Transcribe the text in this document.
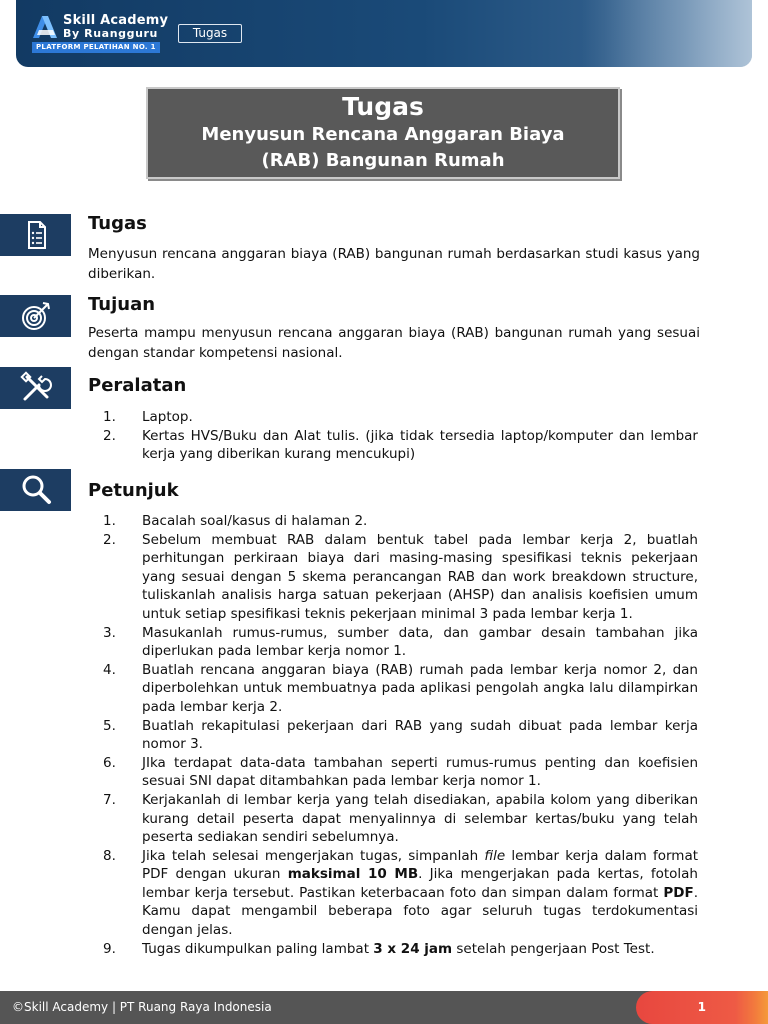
Skill Academy
By Ruangguru
PLATFORM PELATIHAN NO. 1
Tugas
Tugas
Menyusun Rencana Anggaran Biaya
(RAB) Bangunan Rumah
Tugas
Menyusun rencana anggaran biaya (RAB) bangunan rumah berdasarkan studi kasus yang diberikan.
Tujuan
Peserta mampu menyusun rencana anggaran biaya (RAB) bangunan rumah yang sesuai dengan standar kompetensi nasional.
Peralatan
1. Laptop.
2. Kertas HVS/Buku dan Alat tulis. (jika tidak tersedia laptop/komputer dan lembar kerja yang diberikan kurang mencukupi)
Petunjuk
1. Bacalah soal/kasus di halaman 2.
2. Sebelum membuat RAB dalam bentuk tabel pada lembar kerja 2, buatlah perhitungan perkiraan biaya dari masing-masing spesifikasi teknis pekerjaan yang sesuai dengan 5 skema perancangan RAB dan work breakdown structure, tuliskanlah analisis harga satuan pekerjaan (AHSP) dan analisis koefisien umum untuk setiap spesifikasi teknis pekerjaan minimal 3 pada lembar kerja 1.
3. Masukanlah rumus-rumus, sumber data, dan gambar desain tambahan jika diperlukan pada lembar kerja nomor 1.
4. Buatlah rencana anggaran biaya (RAB) rumah pada lembar kerja nomor 2, dan diperbolehkan untuk membuatnya pada aplikasi pengolah angka lalu dilampirkan pada lembar kerja 2.
5. Buatlah rekapitulasi pekerjaan dari RAB yang sudah dibuat pada lembar kerja nomor 3.
6. JIka terdapat data-data tambahan seperti rumus-rumus penting dan koefisien sesuai SNI dapat ditambahkan pada lembar kerja nomor 1.
7. Kerjakanlah di lembar kerja yang telah disediakan, apabila kolom yang diberikan kurang detail peserta dapat menyalinnya di selembar kertas/buku yang telah peserta sediakan sendiri sebelumnya.
8. Jika telah selesai mengerjakan tugas, simpanlah file lembar kerja dalam format PDF dengan ukuran maksimal 10 MB. Jika mengerjakan pada kertas, fotolah lembar kerja tersebut. Pastikan keterbacaan foto dan simpan dalam format PDF. Kamu dapat mengambil beberapa foto agar seluruh tugas terdokumentasi dengan jelas.
9. Tugas dikumpulkan paling lambat 3 x 24 jam setelah pengerjaan Post Test.
©Skill Academy | PT Ruang Raya Indonesia	1
